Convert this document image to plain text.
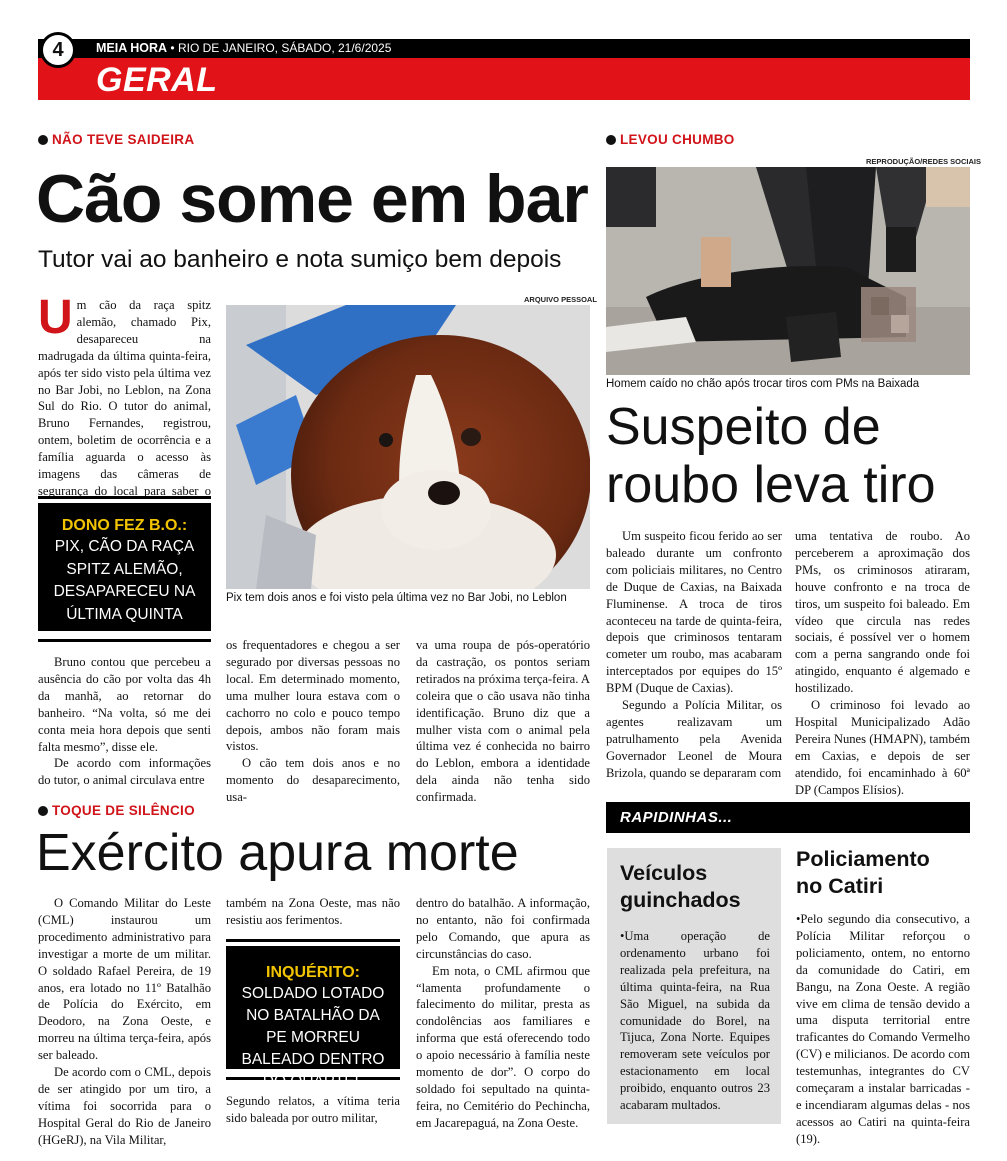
4	MEIA HORA • RIO DE JANEIRO, SÁBADO, 21/6/2025
GERAL
NÃO TEVE SAIDEIRA
Cão some em bar
Tutor vai ao banheiro e nota sumiço bem depois
ARQUIVO PESSOAL
Pix tem dois anos e foi visto pela última vez no Bar Jobi, no Leblon

Um cão da raça spitz alemão, chamado Pix, desapareceu na madrugada da última quinta-feira, após ter sido visto pela última vez no Bar Jobi, no Leblon, na Zona Sul do Rio. O tutor do animal, Bruno Fernandes, registrou, ontem, boletim de ocorrência e a família aguarda o acesso às imagens das câmeras de segurança do local para saber o

DONO FEZ B.O.:
PIX, CÃO DA RAÇA SPITZ ALEMÃO, DESAPARECEU NA ÚLTIMA QUINTA

Bruno contou que percebeu a ausência do cão por volta das 4h da manhã, ao retornar do banheiro. “Na volta, só me dei conta meia hora depois que senti falta mesmo”, disse ele.

De acordo com informações do tutor, o animal circulava entre

os frequentadores e chegou a ser segurado por diversas pessoas no local. Em determinado momento, uma mulher loura estava com o cachorro no colo e pouco tempo depois, ambos não foram mais vistos.

O cão tem dois anos e no momento do desaparecimento, usa-

va uma roupa de pós-operatório da castração, os pontos seriam retirados na próxima terça-feira. A coleira que o cão usava não tinha identificação. Bruno diz que a mulher vista com o animal pela última vez é conhecida no bairro do Leblon, embora a identidade dela ainda não tenha sido confirmada.

LEVOU CHUMBO
REPRODUÇÃO/REDES SOCIAIS
Homem caído no chão após trocar tiros com PMs na Baixada
Suspeito de
roubo leva tiro

Um suspeito ficou ferido ao ser baleado durante um confronto com policiais militares, no Centro de Duque de Caxias, na Baixada Fluminense. A troca de tiros aconteceu na tarde de quinta-feira, depois que criminosos tentaram cometer um roubo, mas acabaram interceptados por equipes do 15º BPM (Duque de Caxias).

Segundo a Polícia Militar, os agentes realizavam um patrulhamento pela Avenida Governador Leonel de Moura Brizola, quando se depararam com

uma tentativa de roubo. Ao perceberem a aproximação dos PMs, os criminosos atiraram, houve confronto e na troca de tiros, um suspeito foi baleado. Em vídeo que circula nas redes sociais, é possível ver o homem com a perna sangrando onde foi atingido, enquanto é algemado e hostilizado.

O criminoso foi levado ao Hospital Municipalizado Adão Pereira Nunes (HMAPN), também em Caxias, e depois de ser atendido, foi encaminhado à 60ª DP (Campos Elísios).

TOQUE DE SILÊNCIO
Exército apura morte

O Comando Militar do Leste (CML) instaurou um procedimento administrativo para investigar a morte de um militar. O soldado Rafael Pereira, de 19 anos, era lotado no 11º Batalhão de Polícia do Exército, em Deodoro, na Zona Oeste, e morreu na última terça-feira, após ser baleado.

De acordo com o CML, depois de ser atingido por um tiro, a vítima foi socorrida para o Hospital Geral do Rio de Janeiro (HGeRJ), na Vila Militar,

também na Zona Oeste, mas não resistiu aos ferimentos.

INQUÉRITO:
SOLDADO LOTADO NO BATALHÃO DA PE MORREU BALEADO DENTRO DO QUARTEL

Segundo relatos, a vítima teria sido baleada por outro militar,

dentro do batalhão. A informação, no entanto, não foi confirmada pelo Comando, que apura as circunstâncias do caso.

Em nota, o CML afirmou que “lamenta profundamente o falecimento do militar, presta as condolências aos familiares e informa que está oferecendo todo o apoio necessário à família neste momento de dor”. O corpo do soldado foi sepultado na quinta-feira, no Cemitério do Pechincha, em Jacarepaguá, na Zona Oeste.

RAPIDINHAS...
Veículos
guinchados

• Uma operação de ordenamento urbano foi realizada pela prefeitura, na última quinta-feira, na Rua São Miguel, na subida da comunidade do Borel, na Tijuca, Zona Norte. Equipes removeram sete veículos por estacionamento em local proibido, enquanto outros 23 acabaram multados.

Policiamento
no Catiri

• Pelo segundo dia consecutivo, a Polícia Militar reforçou o policiamento, ontem, no entorno da comunidade do Catiri, em Bangu, na Zona Oeste. A região vive em clima de tensão devido a uma disputa territorial entre traficantes do Comando Vermelho (CV) e milicianos. De acordo com testemunhas, integrantes do CV começaram a instalar barricadas - e incendiaram algumas delas - nos acessos ao Catiri na quinta-feira (19).
